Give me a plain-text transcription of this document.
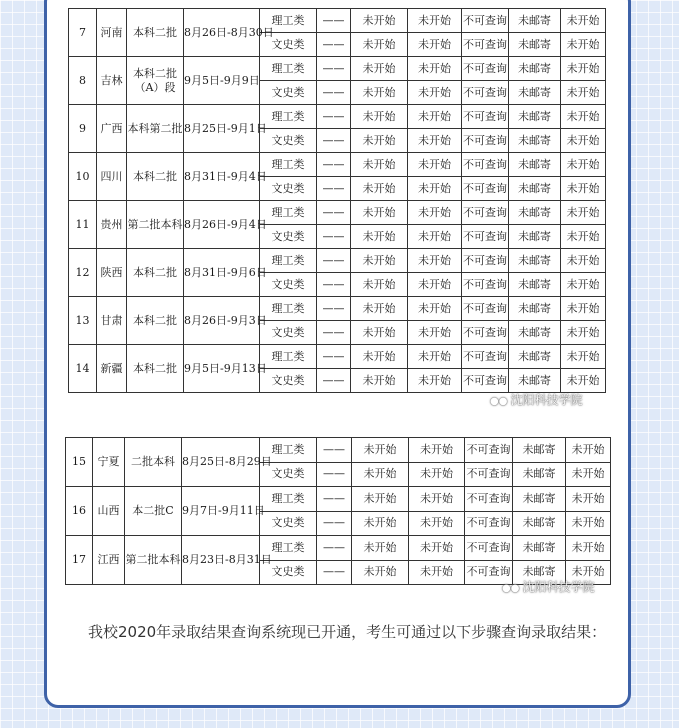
7	河南	本科二批	8月26日-8月30日	理工类	——	未开始	未开始	不可查询	未邮寄	未开始
				文史类	——	未开始	未开始	不可查询	未邮寄	未开始
8	吉林	本科二批（A）段	9月5日-9月9日	理工类	——	未开始	未开始	不可查询	未邮寄	未开始
				文史类	——	未开始	未开始	不可查询	未邮寄	未开始
9	广西	本科第二批	8月25日-9月1日	理工类	——	未开始	未开始	不可查询	未邮寄	未开始
				文史类	——	未开始	未开始	不可查询	未邮寄	未开始
10	四川	本科二批	8月31日-9月4日	理工类	——	未开始	未开始	不可查询	未邮寄	未开始
				文史类	——	未开始	未开始	不可查询	未邮寄	未开始
11	贵州	第二批本科	8月26日-9月4日	理工类	——	未开始	未开始	不可查询	未邮寄	未开始
				文史类	——	未开始	未开始	不可查询	未邮寄	未开始
12	陕西	本科二批	8月31日-9月6日	理工类	——	未开始	未开始	不可查询	未邮寄	未开始
				文史类	——	未开始	未开始	不可查询	未邮寄	未开始
13	甘肃	本科二批	8月26日-9月3日	理工类	——	未开始	未开始	不可查询	未邮寄	未开始
				文史类	——	未开始	未开始	不可查询	未邮寄	未开始
14	新疆	本科二批	9月5日-9月13日	理工类	——	未开始	未开始	不可查询	未邮寄	未开始
				文史类	——	未开始	未开始	不可查询	未邮寄	未开始
●● 沈阳科技学院
15	宁夏	二批本科	8月25日-8月29日	理工类	——	未开始	未开始	不可查询	未邮寄	未开始
				文史类	——	未开始	未开始	不可查询	未邮寄	未开始
16	山西	本二批C	9月7日-9月11日	理工类	——	未开始	未开始	不可查询	未邮寄	未开始
				文史类	——	未开始	未开始	不可查询	未邮寄	未开始
17	江西	第二批本科	8月23日-8月31日	理工类	——	未开始	未开始	不可查询	未邮寄	未开始
				文史类	——	未开始	未开始	不可查询	未邮寄	未开始
●● 沈阳科技学院
我校2020年录取结果查询系统现已开通，考生可通过以下步骤查询录取结果：
